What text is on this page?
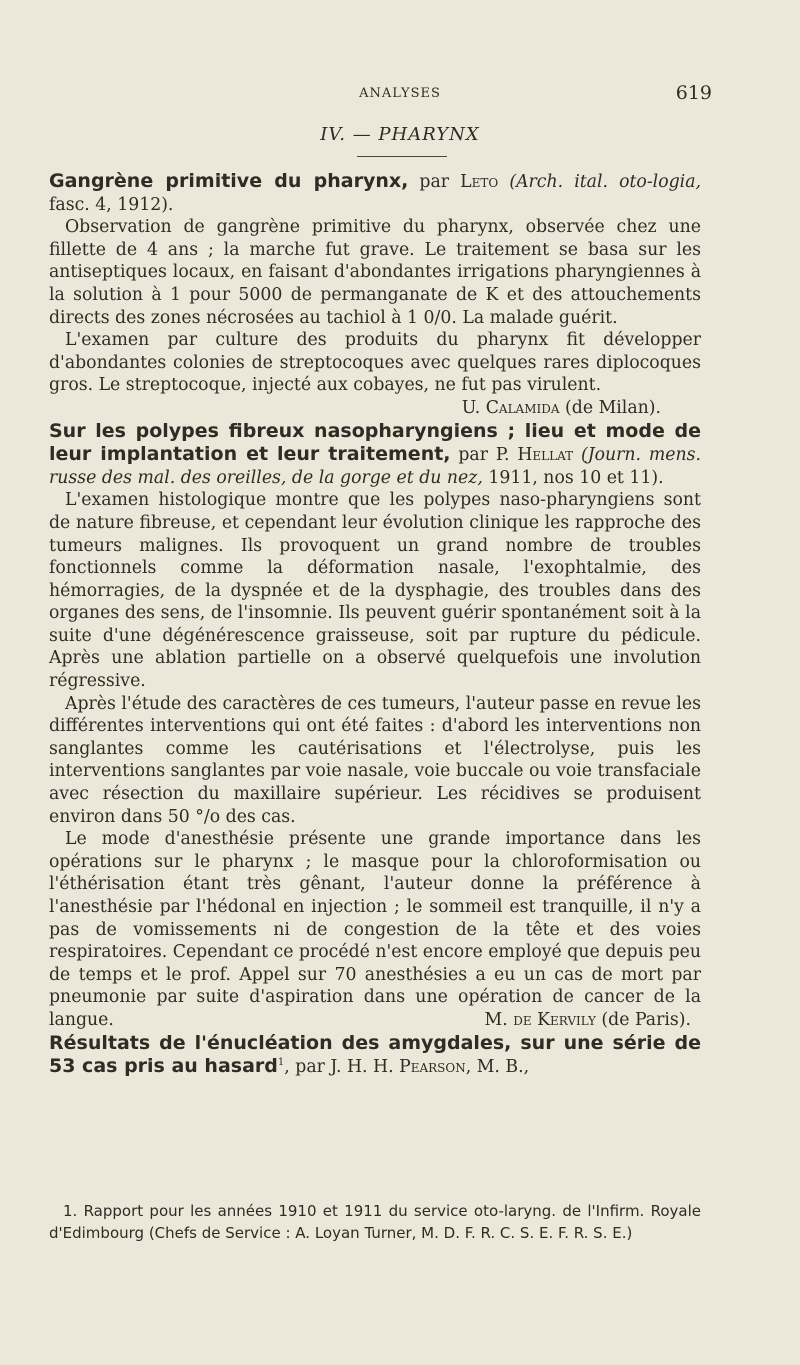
ANALYSES	619
IV. — PHARYNX

Gangrène primitive du pharynx, par Leto (Arch. ital. oto-logia, fasc. 4, 1912).

Observation de gangrène primitive du pharynx, observée chez une fillette de 4 ans ; la marche fut grave. Le traitement se basa sur les antiseptiques locaux, en faisant d'abondantes irrigations pharyngiennes à la solution à 1 pour 5000 de permanganate de K et des attouchements directs des zones nécrosées au tachiol à 1 0/0. La malade guérit.

L'examen par culture des produits du pharynx fit développer d'abondantes colonies de streptocoques avec quelques rares diplocoques gros. Le streptocoque, injecté aux cobayes, ne fut pas virulent.
U. Calamida (de Milan).

Sur les polypes fibreux nasopharyngiens ; lieu et mode de leur implantation et leur traitement, par P. Hellat (Journ. mens. russe des mal. des oreilles, de la gorge et du nez, 1911, nos 10 et 11).

L'examen histologique montre que les polypes naso-pharyngiens sont de nature fibreuse, et cependant leur évolution clinique les rapproche des tumeurs malignes. Ils provoquent un grand nombre de troubles fonctionnels comme la déformation nasale, l'exophtalmie, des hémorragies, de la dyspnée et de la dysphagie, des troubles dans des organes des sens, de l'insomnie. Ils peuvent guérir spontanément soit à la suite d'une dégénérescence graisseuse, soit par rupture du pédicule. Après une ablation partielle on a observé quelquefois une involution régressive.

Après l'étude des caractères de ces tumeurs, l'auteur passe en revue les différentes interventions qui ont été faites : d'abord les interventions non sanglantes comme les cautérisations et l'électrolyse, puis les interventions sanglantes par voie nasale, voie buccale ou voie transfaciale avec résection du maxillaire supérieur. Les récidives se produisent environ dans 50 °/o des cas.

Le mode d'anesthésie présente une grande importance dans les opérations sur le pharynx ; le masque pour la chloroformisation ou l'éthérisation étant très gênant, l'auteur donne la préférence à l'anesthésie par l'hédonal en injection ; le sommeil est tranquille, il n'y a pas de vomissements ni de congestion de la tête et des voies respiratoires. Cependant ce procédé n'est encore employé que depuis peu de temps et le prof. Appel sur 70 anesthésies a eu un cas de mort par pneumonie par suite d'aspiration dans une opération de cancer de la langue.	M. de Kervily (de Paris).

Résultats de l'énucléation des amygdales, sur une série de 53 cas pris au hasard$^1$, par J. H. H. Pearson, M. B.,

1. Rapport pour les années 1910 et 1911 du service oto-laryng. de l'Infirm. Royale d'Edimbourg (Chefs de Service : A. Loyan Turner, M. D. F. R. C. S. E. F. R. S. E.)
